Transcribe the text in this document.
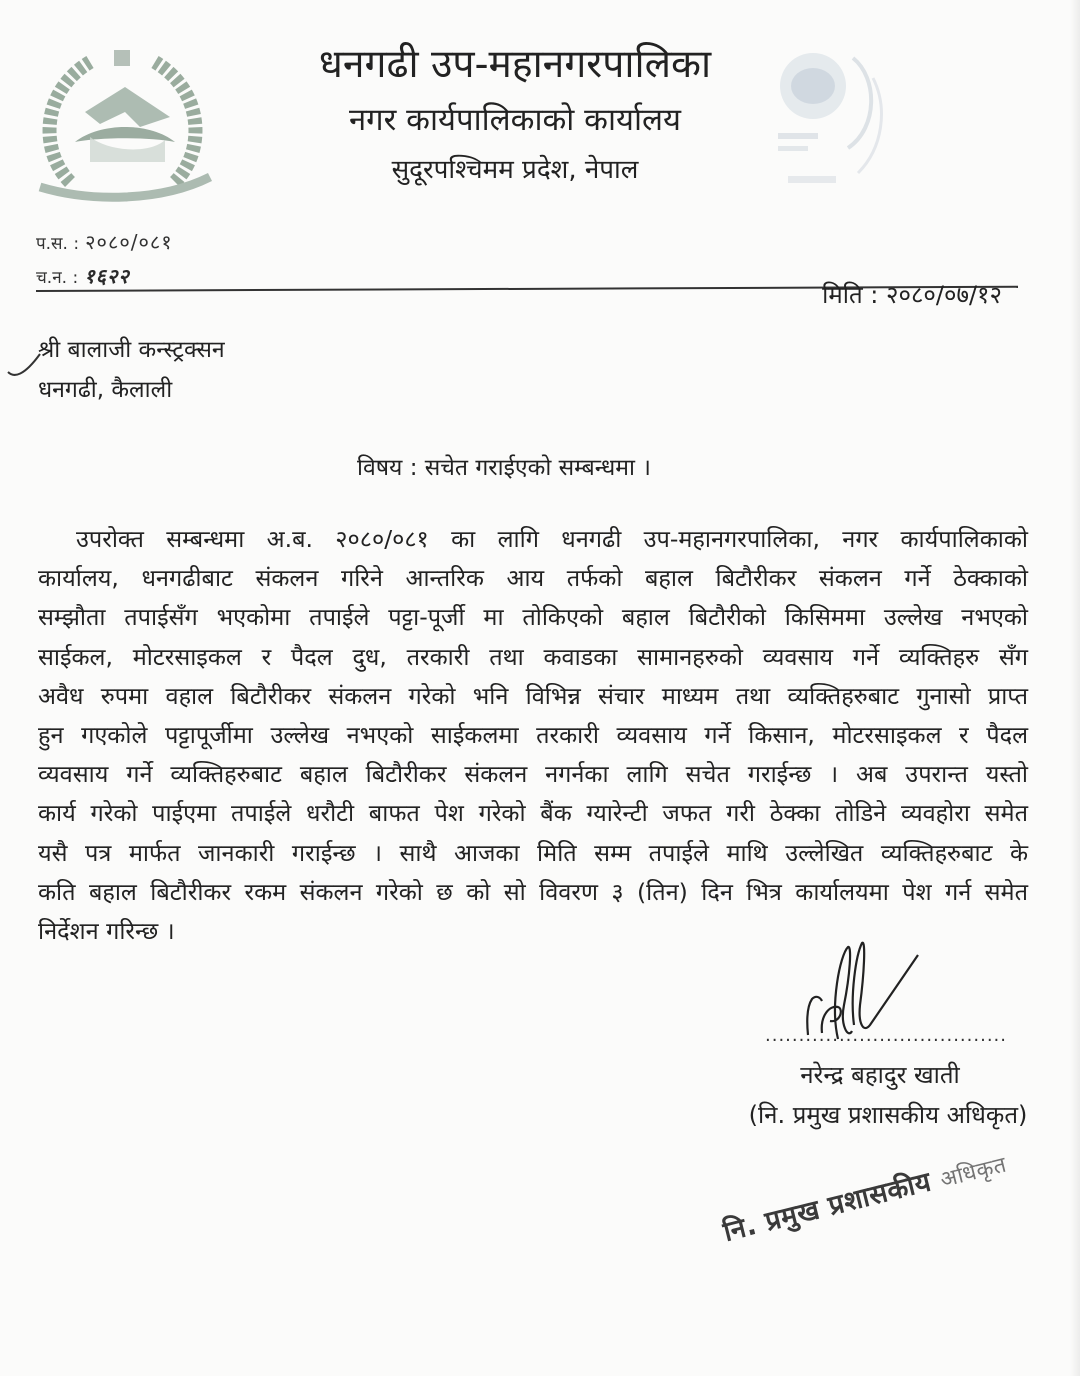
धनगढी उप-महानगरपालिका
नगर कार्यपालिकाको कार्यालय
सुदूरपश्चिमम प्रदेश, नेपाल
प.स. : २०८०/०८१
च.न. : १६२२
मिति : २०८०/०७/१२
श्री बालाजी कन्स्ट्रक्सन
धनगढी, कैलाली
विषय : सचेत गराईएको सम्बन्धमा ।
उपरोक्त सम्बन्धमा अ.ब. २०८०/०८१ का लागि धनगढी उप-महानगरपालिका, नगर कार्यपालिकाको
कार्यालय, धनगढीबाट संकलन गरिने आन्तरिक आय तर्फको बहाल बिटौरीकर संकलन गर्ने ठेक्काको
सम्झौता तपाईसँग भएकोमा तपाईले पट्टा-पूर्जी मा तोकिएको बहाल बिटौरीको किसिममा उल्लेख नभएको
साईकल, मोटरसाइकल र पैदल दुध, तरकारी तथा कवाडका सामानहरुको व्यवसाय गर्ने व्यक्तिहरु सँग
अवैध रुपमा वहाल बिटौरीकर संकलन गरेको भनि विभिन्न संचार माध्यम तथा व्यक्तिहरुबाट गुनासो प्राप्त
हुन गएकोले पट्टापूर्जीमा उल्लेख नभएको साईकलमा तरकारी व्यवसाय गर्ने किसान, मोटरसाइकल र पैदल
व्यवसाय गर्ने व्यक्तिहरुबाट बहाल बिटौरीकर संकलन नगर्नका लागि सचेत गराईन्छ । अब उपरान्त यस्तो
कार्य गरेको पाईएमा तपाईले धरौटी बाफत पेश गरेको बैंक ग्यारेन्टी जफत गरी ठेक्का तोडिने व्यवहोरा समेत
यसै पत्र मार्फत जानकारी गराईन्छ । साथै आजका मिति सम्म तपाईले माथि उल्लेखित व्यक्तिहरुबाट के
कति बहाल बिटौरीकर रकम संकलन गरेको छ को सो विवरण ३ (तिन) दिन भित्र कार्यालयमा पेश गर्न समेत
निर्देशन गरिन्छ ।
....................................
नरेन्द्र बहादुर खाती
(नि. प्रमुख प्रशासकीय अधिकृत)
नि. प्रमुख प्रशासकीय अधिकृत
